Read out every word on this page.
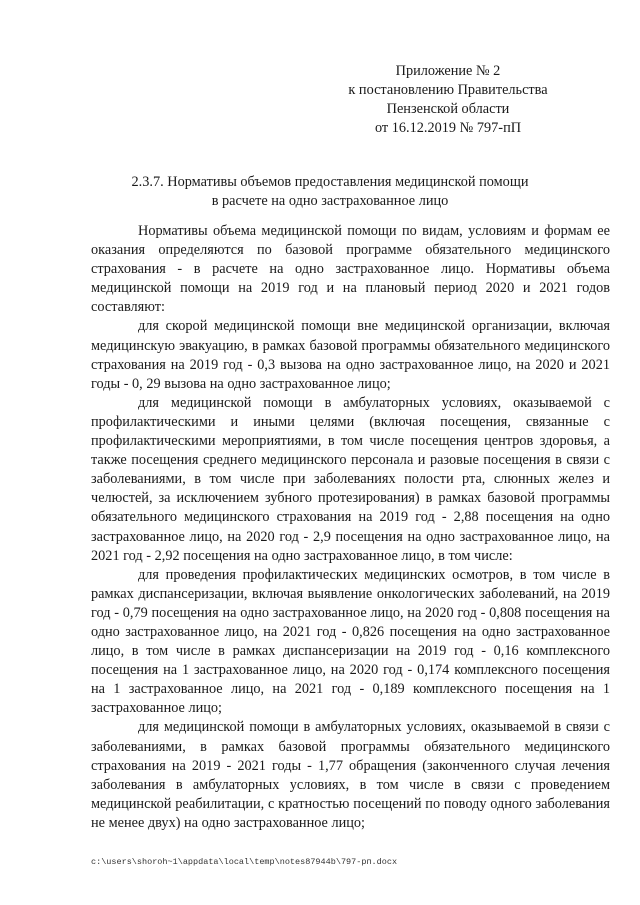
Приложение № 2
к постановлению Правительства
Пензенской области
от 16.12.2019 № 797-пП
2.3.7. Нормативы объемов предоставления медицинской помощи
в расчете на одно застрахованное лицо

Нормативы объема медицинской помощи по видам, условиям и формам ее оказания определяются по базовой программе обязательного медицинского страхования - в расчете на одно застрахованное лицо. Нормативы объема медицинской помощи на 2019 год и на плановый период 2020 и 2021 годов составляют:

для скорой медицинской помощи вне медицинской организации, включая медицинскую эвакуацию, в рамках базовой программы обязательного медицинского страхования на 2019 год - 0,3 вызова на одно застрахованное лицо, на 2020 и 2021 годы - 0, 29 вызова на одно застрахованное лицо;

для медицинской помощи в амбулаторных условиях, оказываемой с профилактическими и иными целями (включая посещения, связанные с профилактическими мероприятиями, в том числе посещения центров здоровья, а также посещения среднего медицинского персонала и разовые посещения в связи с заболеваниями, в том числе при заболеваниях полости рта, слюнных желез и челюстей, за исключением зубного протезирования) в рамках базовой программы обязательного медицинского страхования на 2019 год - 2,88 посещения на одно застрахованное лицо, на 2020 год - 2,9 посещения на одно застрахованное лицо, на 2021 год - 2,92 посещения на одно застрахованное лицо, в том числе:

для проведения профилактических медицинских осмотров, в том числе в рамках диспансеризации, включая выявление онкологических заболеваний, на 2019 год - 0,79 посещения на одно застрахованное лицо, на 2020 год - 0,808 посещения на одно застрахованное лицо, на 2021 год - 0,826 посещения на одно застрахованное лицо, в том числе в рамках диспансеризации на 2019 год - 0,16 комплексного посещения на 1 застрахованное лицо, на 2020 год - 0,174 комплексного посещения на 1 застрахованное лицо, на 2021 год - 0,189 комплексного посещения на 1 застрахованное лицо;

для медицинской помощи в амбулаторных условиях, оказываемой в связи с заболеваниями, в рамках базовой программы обязательного медицинского страхования на 2019 - 2021 годы - 1,77 обращения (законченного случая лечения заболевания в амбулаторных условиях, в том числе в связи с проведением медицинской реабилитации, с кратностью посещений по поводу одного заболевания не менее двух) на одно застрахованное лицо;

c:\users\shoroh~1\appdata\local\temp\notes87944b\797-pп.docx
